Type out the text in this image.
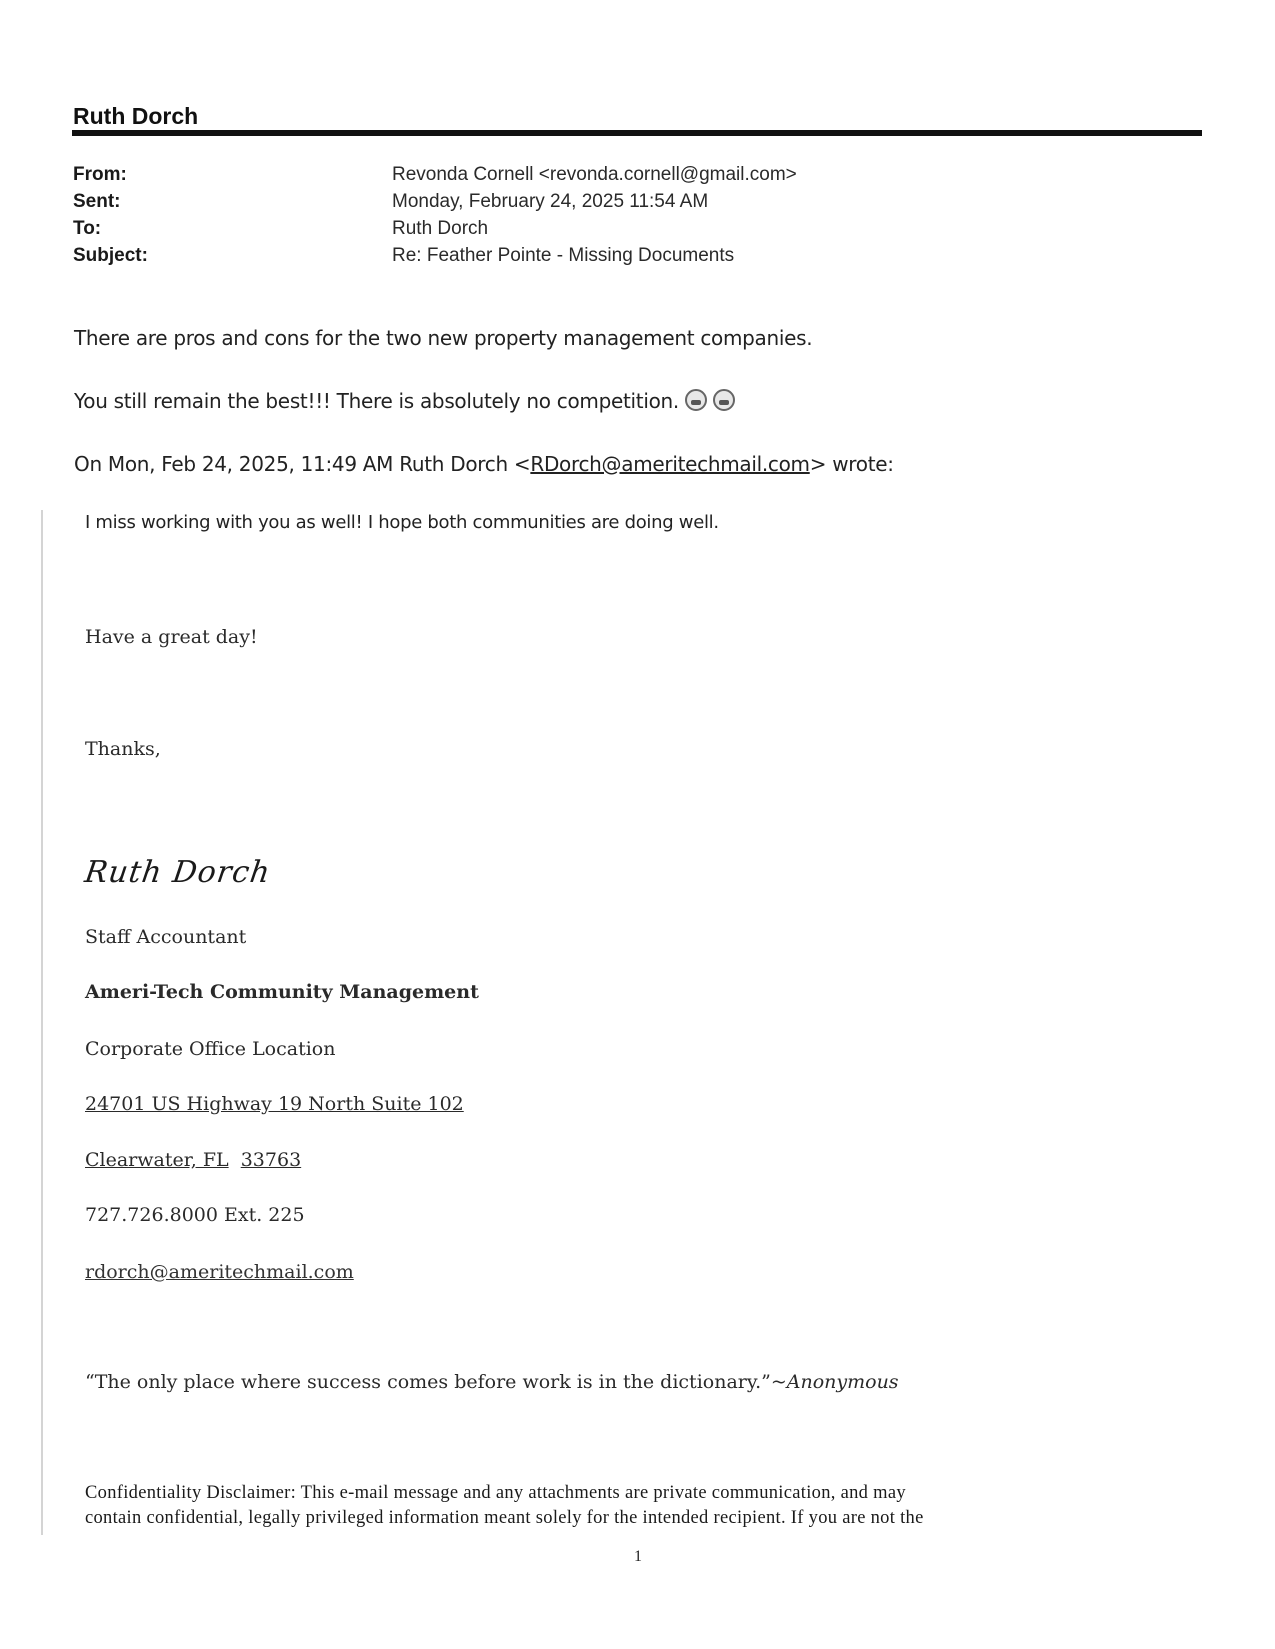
Ruth Dorch
From:	Revonda Cornell <revonda.cornell@gmail.com>
Sent:	Monday, February 24, 2025 11:54 AM
To:	Ruth Dorch
Subject:	Re: Feather Pointe - Missing Documents
There are pros and cons for the two new property management companies.
You still remain the best!!! There is absolutely no competition.
On Mon, Feb 24, 2025, 11:49 AM Ruth Dorch <RDorch@ameritechmail.com> wrote:
I miss working with you as well! I hope both communities are doing well.
Have a great day!
Thanks,
Ruth Dorch
Staff Accountant
Ameri-Tech Community Management
Corporate Office Location
24701 US Highway 19 North Suite 102
Clearwater, FL 33763
727.726.8000 Ext. 225
rdorch@ameritechmail.com
“The only place where success comes before work is in the dictionary.”~Anonymous
Confidentiality Disclaimer: This e-mail message and any attachments are private communication, and may
contain confidential, legally privileged information meant solely for the intended recipient. If you are not the
1
